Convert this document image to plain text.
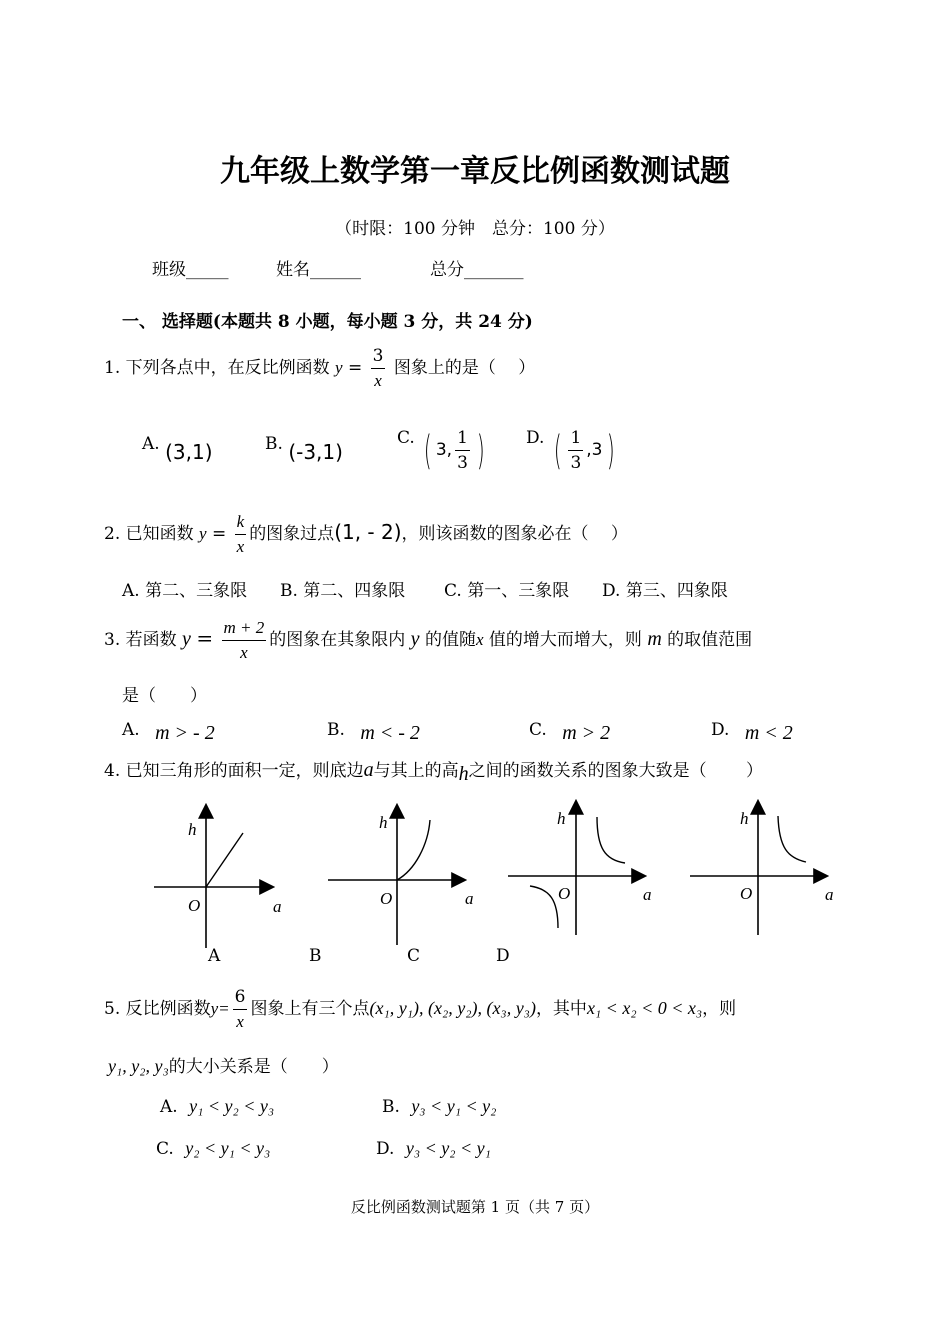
九年级上数学第一章反比例函数测试题
（时限：100 分钟　总分：100 分）
班级_____	姓名______	总分_______
一、 选择题(本题共 8 小题，每小题 3 分，共 24 分)
1. 下列各点中，在反比例函数 $y = \frac{3}{x}$ 图象上的是（　 ）
A. (3,1)	B. (-3,1)
C. ( 3, $\frac{1}{3}$ ) D. ( $\frac{1}{3} ,3$)
2. 已知函数 $y = \frac{k}{x}$ 的图象过点(1, - 2)，则该函数的图象必在（　 ）
A. 第二、三象限 B. 第二、四象限 C. 第一、三象限 D. 第三、四象限
3. 若函数 $y = \frac{m + 2}{x}$ 的图象在其象限内 y 的值随x 值的增大而增大，则 m 的取值范围
是（　　）
A. m > - 2	B. m < - 2	C. m > 2	D. m < 2
4. 已知三角形的面积一定，则底边a与其上的高h之间的函数关系的图象大致是（　　 ）
h
O	a
h
O	a
h
O	a
h
O	a
A	B	C	D
5. 反比例函数$y= \frac{6}{x}$ 图象上有三个点(x₁, y₁), (x₂, y₂), (x₃, y₃)，其中x₁ < x₂ < 0 < x₃，则
y₁, y₂, y₃的大小关系是（　　）
A. y₁ < y₂ < y₃	B. y₃ < y₁ < y₂
C. y₂ < y₁ < y₃	D. y₃ < y₂ < y₁
反比例函数测试题第 1 页（共 7 页）
